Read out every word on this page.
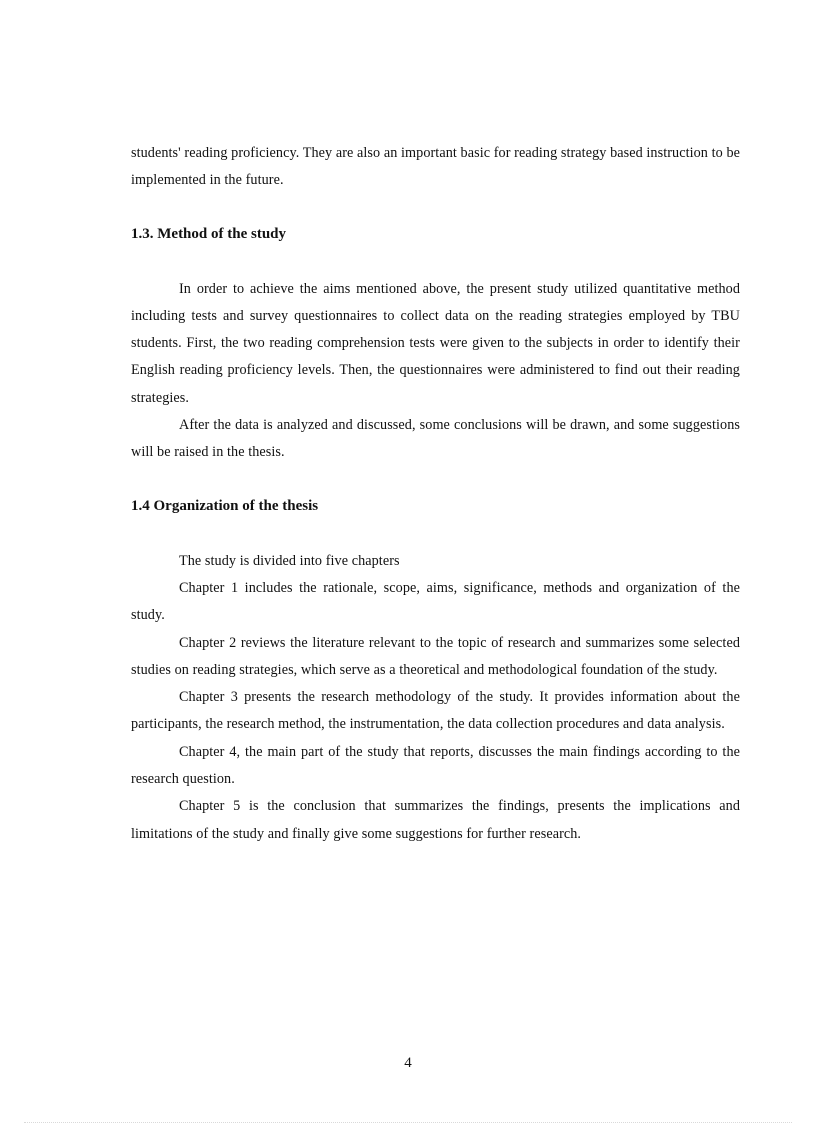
students' reading proficiency. They are also an important basic for reading strategy based instruction to be implemented in the future.

1.3. Method of the study

In order to achieve the aims mentioned above, the present study utilized quantitative method including tests and survey questionnaires to collect data on the reading strategies employed by TBU students. First, the two reading comprehension tests were given to the subjects in order to identify their English reading proficiency levels. Then, the questionnaires were administered to find out their reading strategies.

After the data is analyzed and discussed, some conclusions will be drawn, and some suggestions will be raised in the thesis.

1.4 Organization of the thesis

The study is divided into five chapters

Chapter 1 includes the rationale, scope, aims, significance, methods and organization of the study.

Chapter 2 reviews the literature relevant to the topic of research and summarizes some selected studies on reading strategies, which serve as a theoretical and methodological foundation of the study.

Chapter 3 presents the research methodology of the study. It provides information about the participants, the research method, the instrumentation, the data collection procedures and data analysis.

Chapter 4, the main part of the study that reports, discusses the main findings according to the research question.

Chapter 5 is the conclusion that summarizes the findings, presents the implications and limitations of the study and finally give some suggestions for further research.

4
